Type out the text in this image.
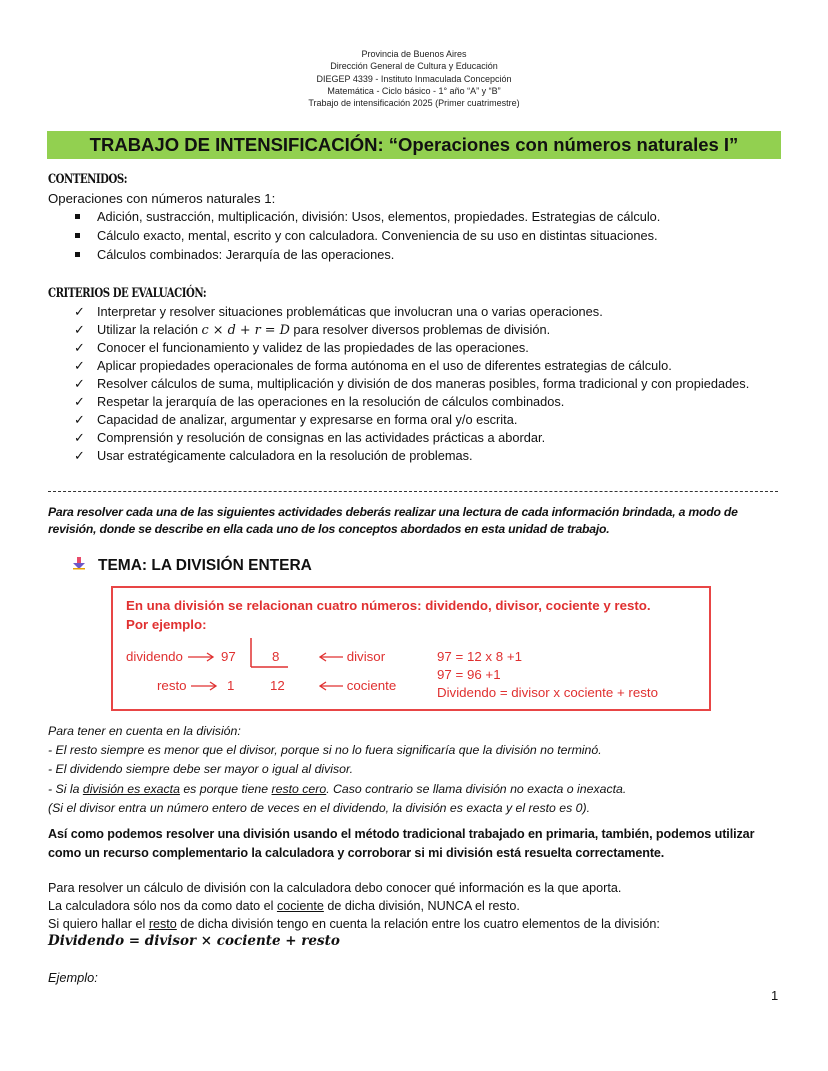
Provincia de Buenos Aires
Dirección General de Cultura y Educación
DIEGEP 4339 - Instituto Inmaculada Concepción
Matemática - Ciclo básico - 1° año “A” y “B”
Trabajo de intensificación 2025 (Primer cuatrimestre)
TRABAJO DE INTENSIFICACIÓN: “Operaciones con números naturales I”
CONTENIDOS:
Operaciones con números naturales 1:
Adición, sustracción, multiplicación, división: Usos, elementos, propiedades. Estrategias de cálculo.
Cálculo exacto, mental, escrito y con calculadora. Conveniencia de su uso en distintas situaciones.
Cálculos combinados: Jerarquía de las operaciones.
CRITERIOS DE EVALUACIÓN:
✓ Interpretar y resolver situaciones problemáticas que involucran una o varias operaciones.
✓ Utilizar la relación c × d + r = D para resolver diversos problemas de división.
✓ Conocer el funcionamiento y validez de las propiedades de las operaciones.
✓ Aplicar propiedades operacionales de forma autónoma en el uso de diferentes estrategias de cálculo.
✓ Resolver cálculos de suma, multiplicación y división de dos maneras posibles, forma tradicional y con propiedades.
✓ Respetar la jerarquía de las operaciones en la resolución de cálculos combinados.
✓ Capacidad de analizar, argumentar y expresarse en forma oral y/o escrita.
✓ Comprensión y resolución de consignas en las actividades prácticas a abordar.
✓ Usar estratégicamente calculadora en la resolución de problemas.
Para resolver cada una de las siguientes actividades deberás realizar una lectura de cada información brindada, a modo de revisión, donde se describe en ella cada uno de los conceptos abordados en esta unidad de trabajo.
TEMA: LA DIVISIÓN ENTERA
En una división se relacionan cuatro números: dividendo, divisor, cociente y resto.
Por ejemplo:
dividendo	97	8	divisor
resto	1	12	cociente
97 = 12 x 8 +1
97 = 96 +1
Dividendo = divisor x cociente + resto
Para tener en cuenta en la división:
- El resto siempre es menor que el divisor, porque si no lo fuera significaría que la división no terminó.
- El dividendo siempre debe ser mayor o igual al divisor.
- Si la división es exacta es porque tiene resto cero. Caso contrario se llama división no exacta o inexacta.
(Si el divisor entra un número entero de veces en el dividendo, la división es exacta y el resto es 0).
Así como podemos resolver una división usando el método tradicional trabajado en primaria, también, podemos utilizar como un recurso complementario la calculadora y corroborar si mi división está resuelta correctamente.
Para resolver un cálculo de división con la calculadora debo conocer qué información es la que aporta.
La calculadora sólo nos da como dato el cociente de dicha división, NUNCA el resto.
Si quiero hallar el resto de dicha división tengo en cuenta la relación entre los cuatro elementos de la división:
Dividendo = divisor × cociente + resto
Ejemplo:
1
